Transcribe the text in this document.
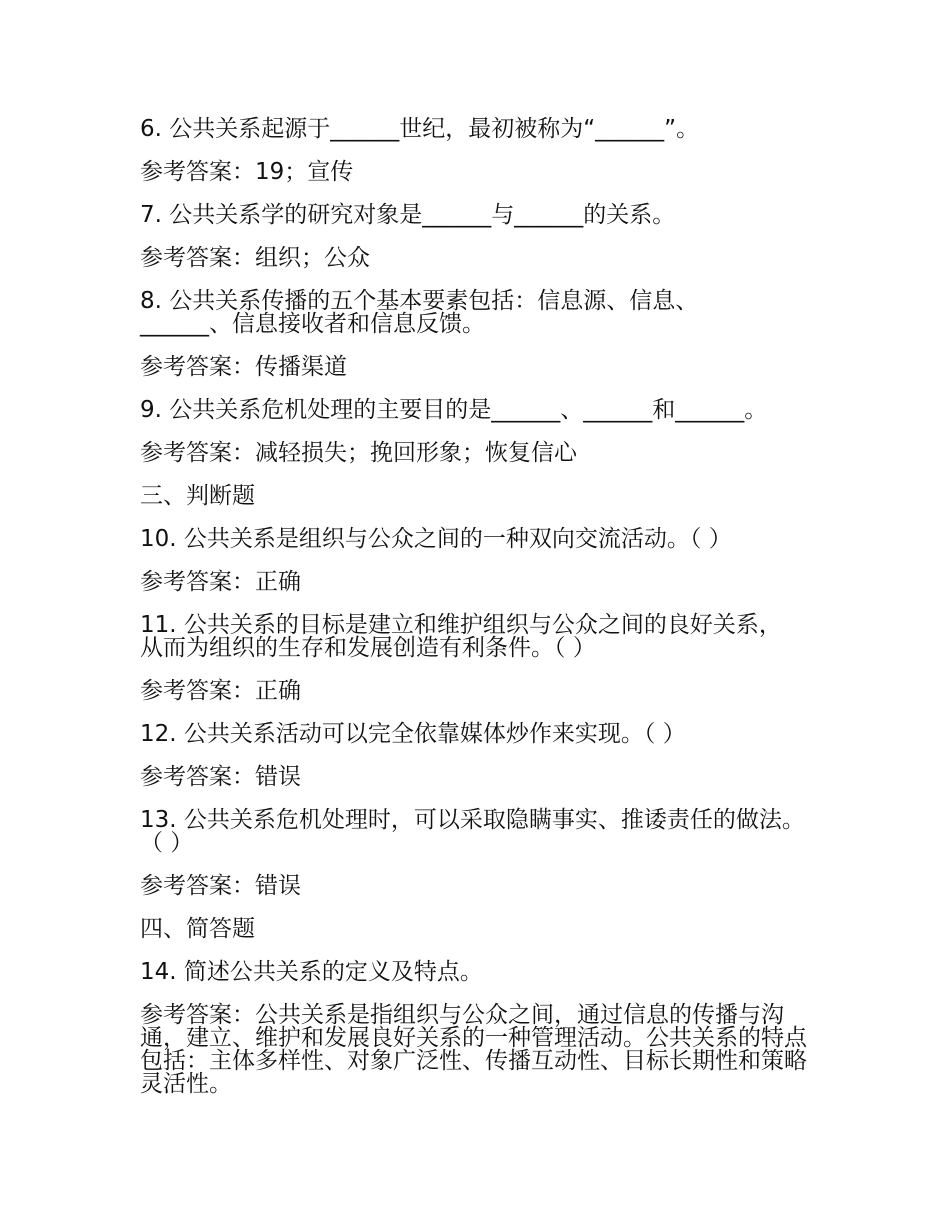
6. 公共关系起源于______世纪，最初被称为“______”。

参考答案：19；宣传

7. 公共关系学的研究对象是______与______的关系。

参考答案：组织；公众

8. 公共关系传播的五个基本要素包括：信息源、信息、______、信息接收者和信息反馈。

参考答案：传播渠道

9. 公共关系危机处理的主要目的是______、______和______。

参考答案：减轻损失；挽回形象；恢复信心

三、判断题

10. 公共关系是组织与公众之间的一种双向交流活动。（ ）

参考答案：正确

11. 公共关系的目标是建立和维护组织与公众之间的良好关系，从而为组织的生存和发展创造有利条件。（ ）

参考答案：正确

12. 公共关系活动可以完全依靠媒体炒作来实现。（ ）

参考答案：错误

13. 公共关系危机处理时，可以采取隐瞒事实、推诿责任的做法。（ ）

参考答案：错误

四、简答题

14. 简述公共关系的定义及特点。

参考答案：公共关系是指组织与公众之间，通过信息的传播与沟通，建立、维护和发展良好关系的一种管理活动。公共关系的特点包括：主体多样性、对象广泛性、传播互动性、目标长期性和策略灵活性。
